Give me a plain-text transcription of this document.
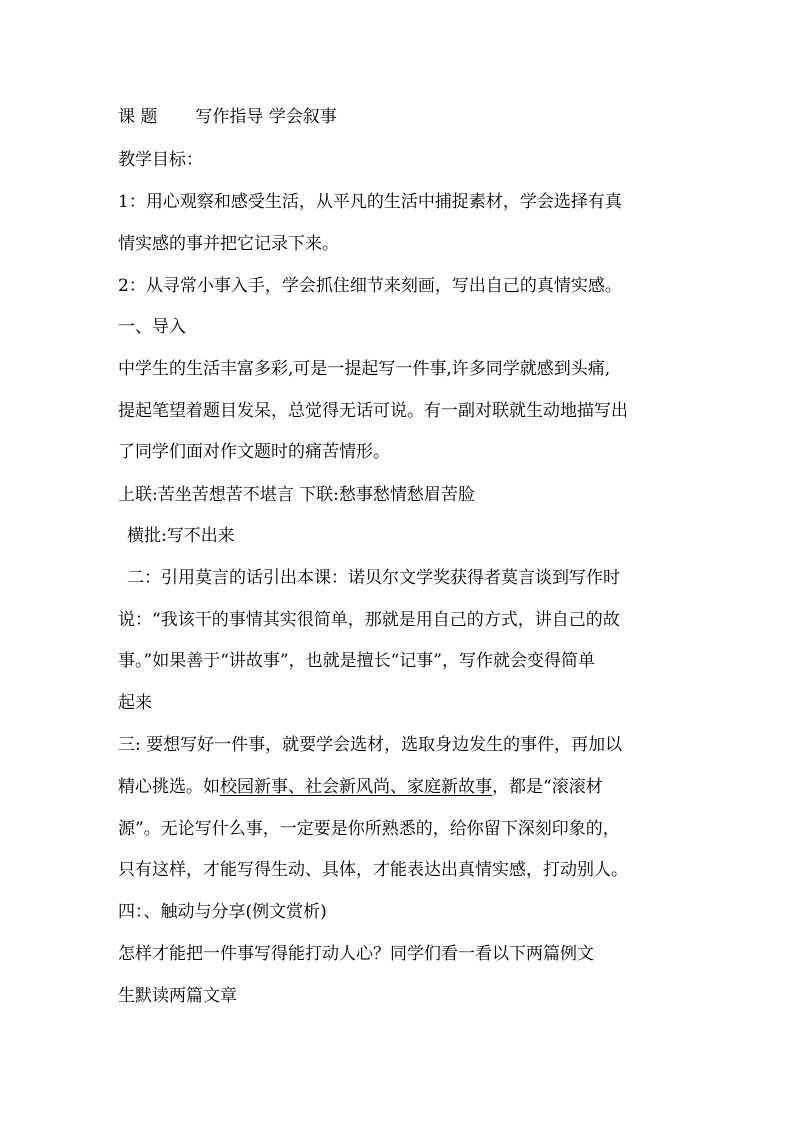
课 题 写作指导 学会叙事

教学目标：

1：用心观察和感受生活，从平凡的生活中捕捉素材，学会选择有真

情实感的事并把它记录下来。

2：从寻常小事入手，学会抓住细节来刻画，写出自己的真情实感。

一、导入

中学生的生活丰富多彩,可是一提起写一件事,许多同学就感到头痛,

提起笔望着题目发呆，总觉得无话可说。有一副对联就生动地描写出

了同学们面对作文题时的痛苦情形。

上联:苦坐苦想苦不堪言 下联:愁事愁情愁眉苦脸

横批:写不出来

二：引用莫言的话引出本课：诺贝尔文学奖获得者莫言谈到写作时

说：“我该干的事情其实很简单，那就是用自己的方式，讲自己的故

事。”如果善于“讲故事”，也就是擅长“记事”，写作就会变得简单

起来

三: 要想写好一件事，就要学会选材，选取身边发生的事件，再加以

精心挑选。如校园新事、社会新风尚、家庭新故事，都是“滚滚材

源”。无论写什么事，一定要是你所熟悉的，给你留下深刻印象的，

只有这样，才能写得生动、具体，才能表达出真情实感，打动别人。

四：、触动与分享(例文赏析)

怎样才能把一件事写得能打动人心？同学们看一看以下两篇例文

生默读两篇文章
